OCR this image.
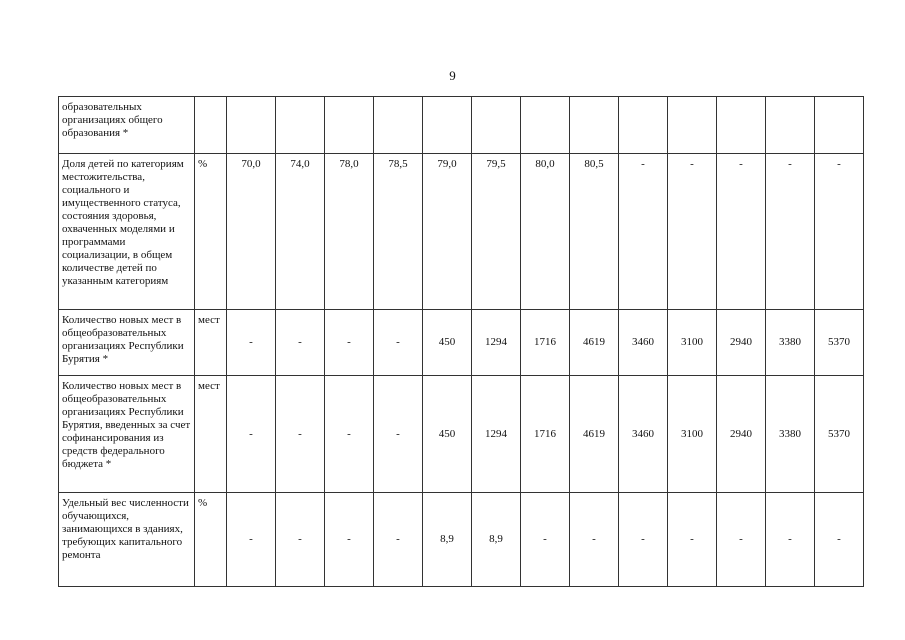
9
образовательных организациях общего образования *														
Доля детей по категориям местожительства, социального и имущественного статуса, состояния здоровья, охваченных моделями и программами социализации, в общем количестве детей по указанным категориям	%	70,0	74,0	78,0	78,5	79,0	79,5	80,0	80,5	-	-	-	-	-
Количество новых мест в общеобразовательных организациях Республики Бурятия *	мест	-	-	-	-	450	1294	1716	4619	3460	3100	2940	3380	5370
Количество новых мест в общеобразовательных организациях Республики Бурятия, введенных за счет софинансирования из средств федерального бюджета *	мест	-	-	-	-	450	1294	1716	4619	3460	3100	2940	3380	5370
Удельный вес численности обучающихся, занимающихся в зданиях, требующих капитального ремонта	%	-	-	-	-	8,9	8,9	-	-	-	-	-	-	-
